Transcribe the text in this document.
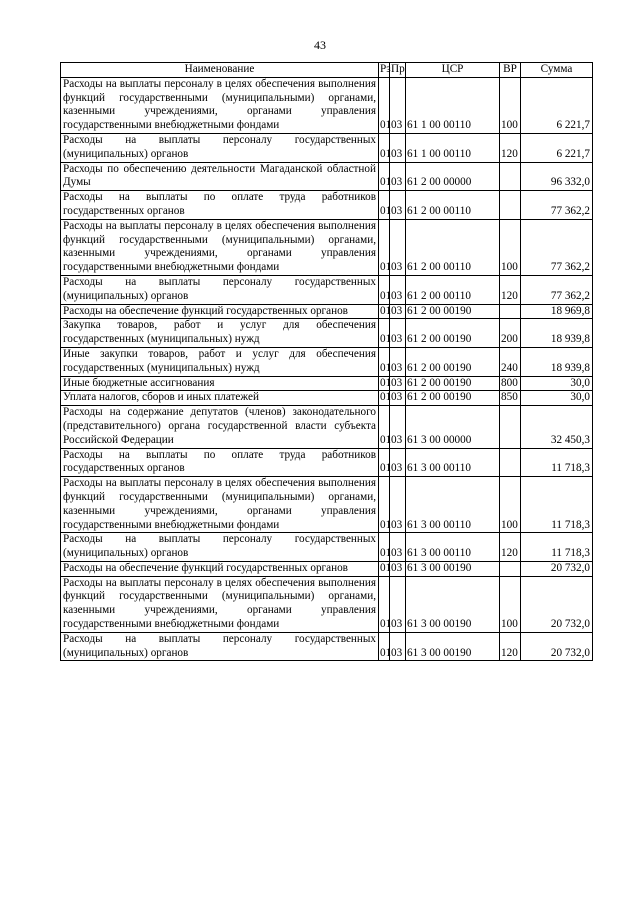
43
Наименование	Рз	Пр	ЦСР	ВР	Сумма
Расходы на выплаты персоналу в целях обеспечения выполнения функций государственными (муниципальными) органами, казенными учреждениями, органами управления государственными внебюджетными фондами	01	03	61 1 00 00110	100	6 221,7
Расходы на выплаты персоналу государственных (муниципальных) органов	01	03	61 1 00 00110	120	6 221,7
Расходы по обеспечению деятельности Магаданской областной Думы	01	03	61 2 00 00000		96 332,0
Расходы на выплаты по оплате труда работников государственных органов	01	03	61 2 00 00110		77 362,2
Расходы на выплаты персоналу в целях обеспечения выполнения функций государственными (муниципальными) органами, казенными учреждениями, органами управления государственными внебюджетными фондами	01	03	61 2 00 00110	100	77 362,2
Расходы на выплаты персоналу государственных (муниципальных) органов	01	03	61 2 00 00110	120	77 362,2
Расходы на обеспечение функций государственных органов	01	03	61 2 00 00190		18 969,8
Закупка товаров, работ и услуг для обеспечения государственных (муниципальных) нужд	01	03	61 2 00 00190	200	18 939,8
Иные закупки товаров, работ и услуг для обеспечения государственных (муниципальных) нужд	01	03	61 2 00 00190	240	18 939,8
Иные бюджетные ассигнования	01	03	61 2 00 00190	800	30,0
Уплата налогов, сборов и иных платежей	01	03	61 2 00 00190	850	30,0
Расходы на содержание депутатов (членов) законодательного (представительного) органа государственной власти субъекта Российской Федерации	01	03	61 3 00 00000		32 450,3
Расходы на выплаты по оплате труда работников государственных органов	01	03	61 3 00 00110		11 718,3
Расходы на выплаты персоналу в целях обеспечения выполнения функций государственными (муниципальными) органами, казенными учреждениями, органами управления государственными внебюджетными фондами	01	03	61 3 00 00110	100	11 718,3
Расходы на выплаты персоналу государственных (муниципальных) органов	01	03	61 3 00 00110	120	11 718,3
Расходы на обеспечение функций государственных органов	01	03	61 3 00 00190		20 732,0
Расходы на выплаты персоналу в целях обеспечения выполнения функций государственными (муниципальными) органами, казенными учреждениями, органами управления государственными внебюджетными фондами	01	03	61 3 00 00190	100	20 732,0
Расходы на выплаты персоналу государственных (муниципальных) органов	01	03	61 3 00 00190	120	20 732,0
